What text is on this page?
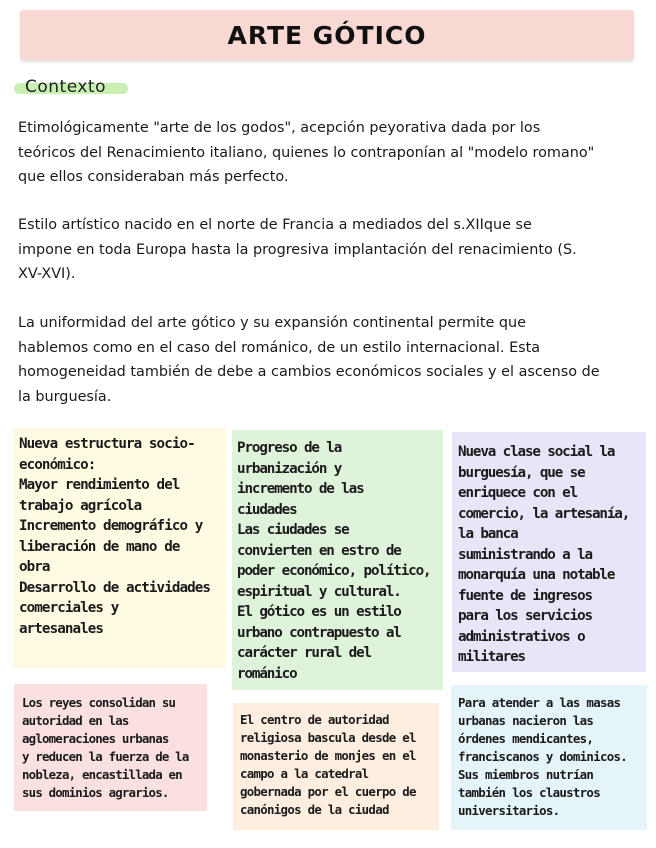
ARTE GÓTICO
Contexto

Etimológicamente "arte de los godos", acepción peyorativa dada por los
teóricos del Renacimiento italiano, quienes lo contraponían al "modelo romano"
que ellos consideraban más perfecto.

Estilo artístico nacido en el norte de Francia a mediados del s.XIIque se
impone en toda Europa hasta la progresiva implantación del renacimiento (S.
XV-XVI).

La uniformidad del arte gótico y su expansión continental permite que
hablemos como en el caso del románico, de un estilo internacional. Esta
homogeneidad también de debe a cambios económicos sociales y el ascenso de
la burguesía.

Nueva estructura socio-
económico:
Mayor rendimiento del
trabajo agrícola
Incremento demográfico y
liberación de mano de
obra
Desarrollo de actividades
comerciales y
artesanales
Progreso de la
urbanización y
incremento de las
ciudades
Las ciudades se
convierten en estro de
poder económico, político,
espiritual y cultural.
El gótico es un estilo
urbano contrapuesto al
carácter rural del
románico
Nueva clase social la
burguesía, que se
enriquece con el
comercio, la artesanía,
la banca
suministrando a la
monarquía una notable
fuente de ingresos
para los servicios
administrativos o
militares
Los reyes consolidan su
autoridad en las
aglomeraciones urbanas
y reducen la fuerza de la
nobleza, encastillada en
sus dominios agrarios.
El centro de autoridad
religiosa bascula desde el
monasterio de monjes en el
campo a la catedral
gobernada por el cuerpo de
canónigos de la ciudad
Para atender a las masas
urbanas nacieron las
órdenes mendicantes,
franciscanos y dominicos.
Sus miembros nutrían
también los claustros
universitarios.
